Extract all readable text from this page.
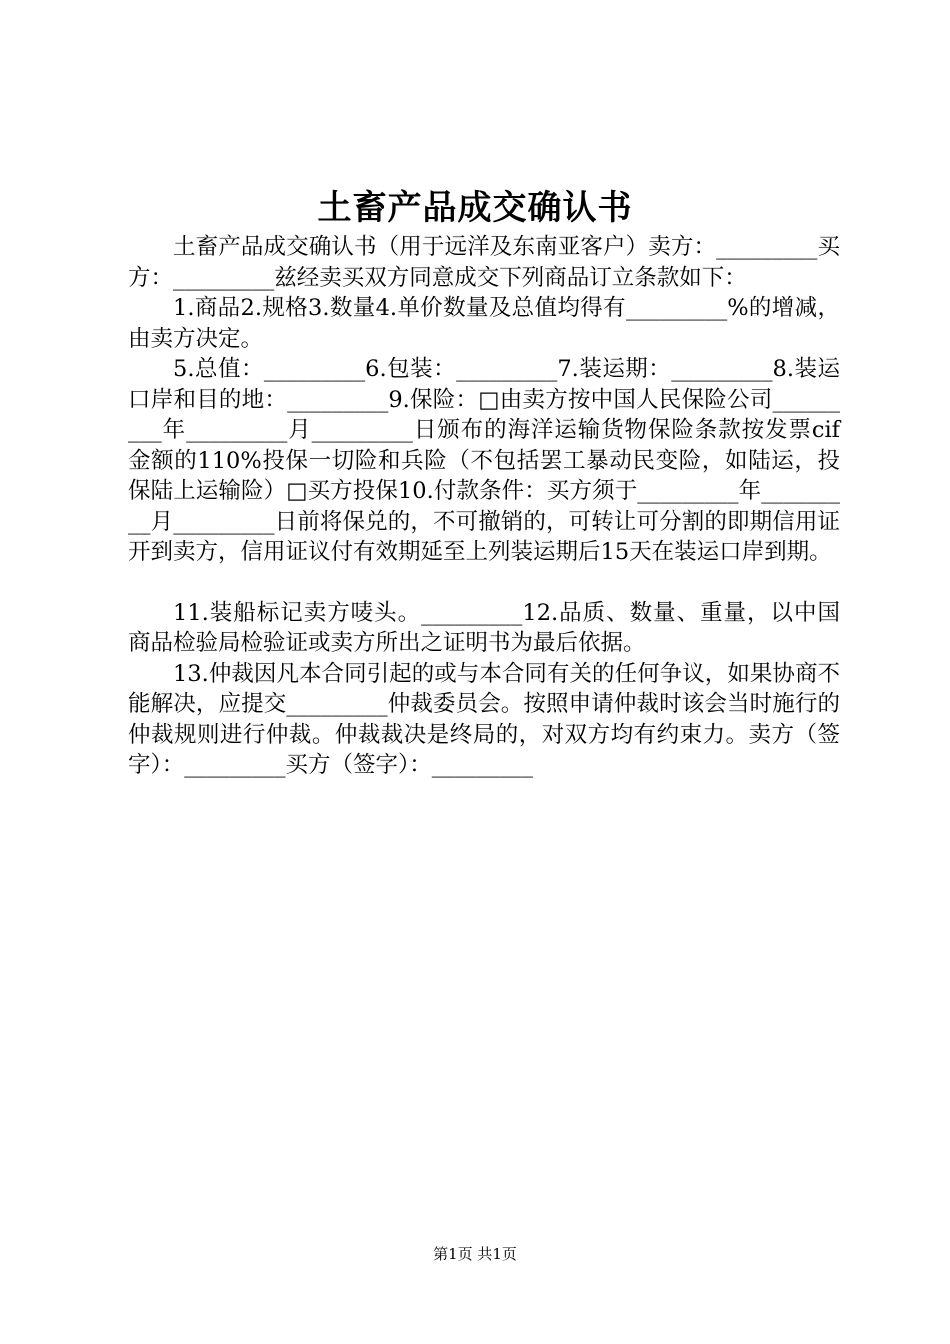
土畜产品成交确认书

土畜产品成交确认书（用于远洋及东南亚客户）卖方：_________买方：_________兹经卖买双方同意成交下列商品订立条款如下：

1.商品2.规格3.数量4.单价数量及总值均得有_________%的增减，由卖方决定。

5.总值：_________6.包装：_________7.装运期：_________8.装运口岸和目的地：_________9.保险：□由卖方按中国人民保险公司_________年_________月_________日颁布的海洋运输货物保险条款按发票cif金额的110%投保一切险和兵险（不包括罢工暴动民变险，如陆运，投保陆上运输险）□买方投保10.付款条件：买方须于_________年_________月_________日前将保兑的，不可撤销的，可转让可分割的即期信用证开到卖方，信用证议付有效期延至上列装运期后15天在装运口岸到期。

11.装船标记卖方唛头。_________12.品质、数量、重量，以中国商品检验局检验证或卖方所出之证明书为最后依据。

13.仲裁因凡本合同引起的或与本合同有关的任何争议，如果协商不能解决，应提交_________仲裁委员会。按照申请仲裁时该会当时施行的仲裁规则进行仲裁。仲裁裁决是终局的，对双方均有约束力。卖方（签字）：_________买方（签字）：_________

第1页 共1页
